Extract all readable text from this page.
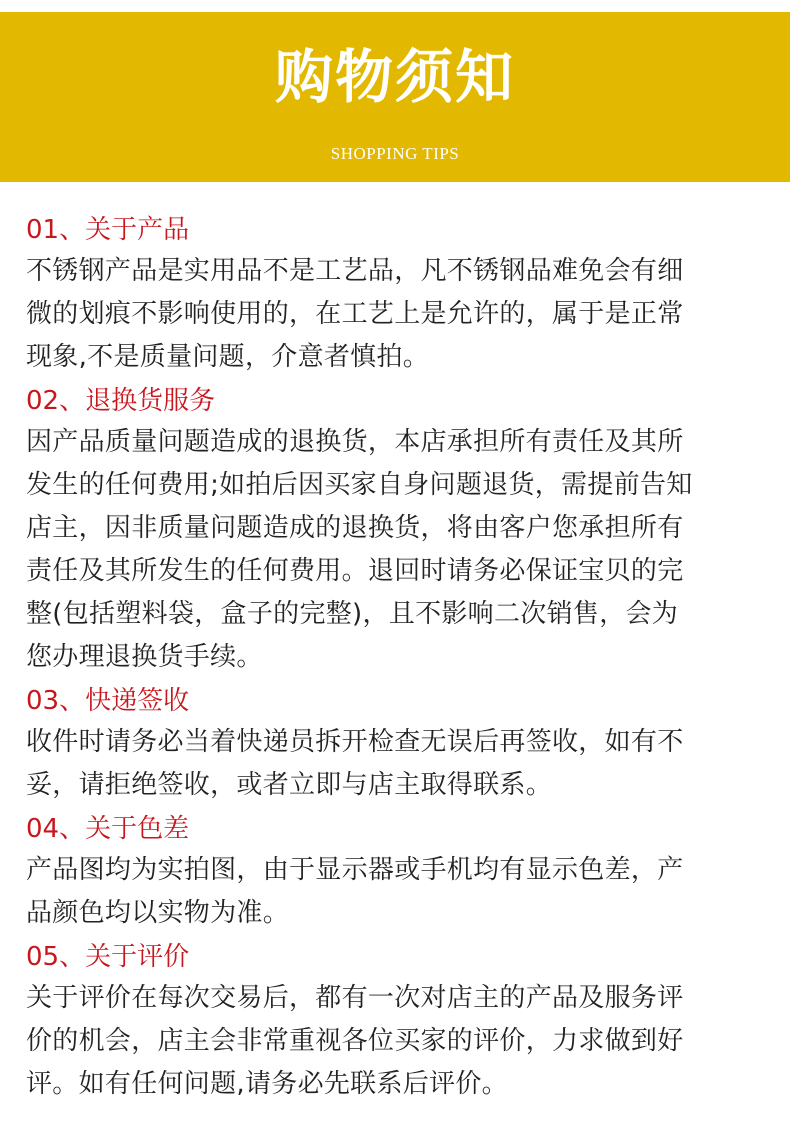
购物须知
SHOPPING TIPS

01、关于产品

不锈钢产品是实用品不是工艺品，凡不锈钢品难免会有细
微的划痕不影响使用的，在工艺上是允许的，属于是正常
现象,不是质量问题，介意者慎拍。

02、退换货服务

因产品质量问题造成的退换货，本店承担所有责任及其所
发生的任何费用;如拍后因买家自身问题退货，需提前告知
店主，因非质量问题造成的退换货，将由客户您承担所有
责任及其所发生的任何费用。退回时请务必保证宝贝的完
整(包括塑料袋，盒子的完整)，且不影响二次销售，会为
您办理退换货手续。

03、快递签收

收件时请务必当着快递员拆开检查无误后再签收，如有不
妥，请拒绝签收，或者立即与店主取得联系。

04、关于色差

产品图均为实拍图，由于显示器或手机均有显示色差，产
品颜色均以实物为准。

05、关于评价

关于评价在每次交易后，都有一次对店主的产品及服务评
价的机会，店主会非常重视各位买家的评价，力求做到好
评。如有任何问题,请务必先联系后评价。
